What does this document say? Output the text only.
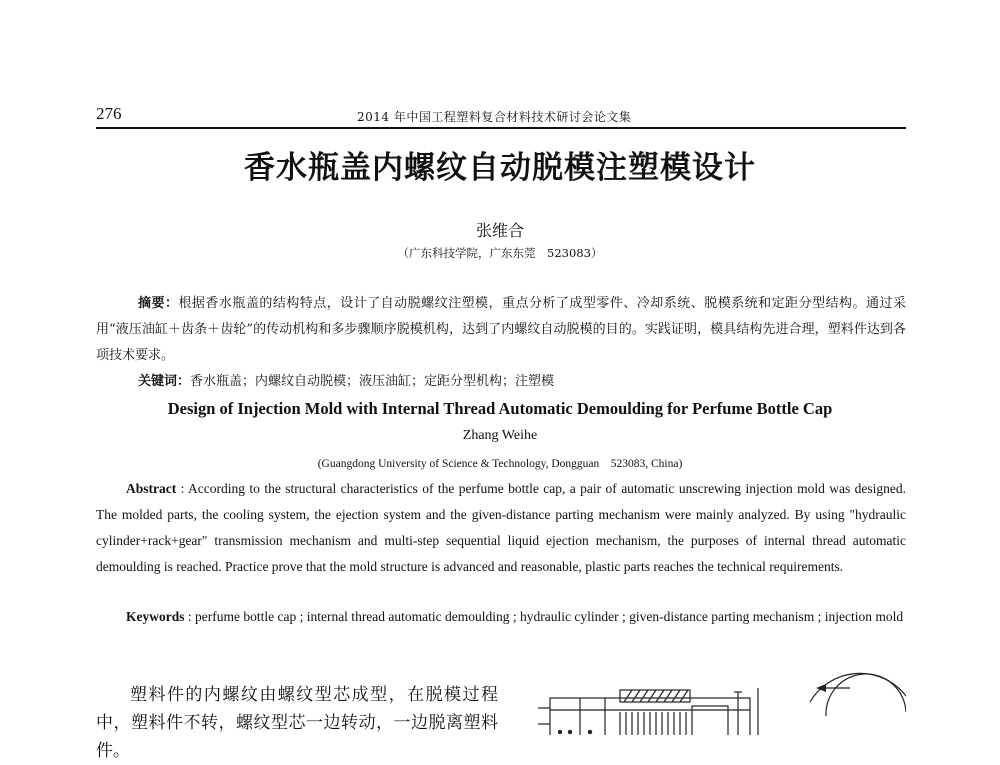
276	2014 年中国工程塑料复合材料技术研讨会论文集
香水瓶盖内螺纹自动脱模注塑模设计
张维合
（广东科技学院，广东东莞　523083）
摘要：根据香水瓶盖的结构特点，设计了自动脱螺纹注塑模，重点分析了成型零件、冷却系统、脱模系统和定距分型结构。通过采用“液压油缸＋齿条＋齿轮”的传动机构和多步骤顺序脱模机构，达到了内螺纹自动脱模的目的。实践证明，模具结构先进合理，塑料件达到各项技术要求。
关键词：香水瓶盖；内螺纹自动脱模；液压油缸；定距分型机构；注塑模
Design of Injection Mold with Internal Thread Automatic Demoulding for Perfume Bottle Cap
Zhang Weihe
(Guangdong University of Science & Technology, Dongguan　523083, China)
Abstract : According to the structural characteristics of the perfume bottle cap, a pair of automatic unscrewing injection mold was designed. The molded parts, the cooling system, the ejection system and the given-distance parting mechanism were mainly analyzed. By using "hydraulic cylinder+rack+gear" transmission mechanism and multi-step sequential liquid ejection mechanism, the purposes of internal thread automatic demoulding is reached. Practice prove that the mold structure is advanced and reasonable, plastic parts reaches the technical requirements.
Keywords : perfume bottle cap ; internal thread automatic demoulding ; hydraulic cylinder ; given-distance parting mechanism ; injection mold
塑料件的内螺纹由螺纹型芯成型，在脱模过程中，塑料件不转，螺纹型芯一边转动，一边脱离塑料件。
